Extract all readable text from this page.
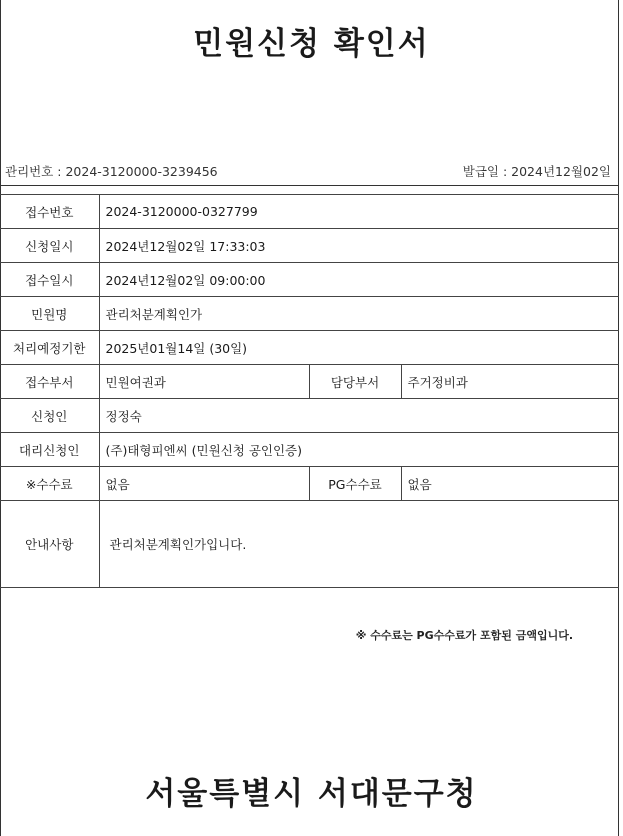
민원신청 확인서
관리번호 : 2024-3120000-3239456	발급일 : 2024년12월02일
접수번호	2024-3120000-0327799		
신청일시	2024년12월02일 17:33:03		
접수일시	2024년12월02일 09:00:00		
민원명	관리처분계획인가		
처리예정기한	2025년01월14일 (30일)		
접수부서	민원여권과	담당부서	주거정비과
신청인	정정숙		
대리신청인	(주)태형피엔씨 (민원신청 공인인증)		
※수수료	없음	PG수수료	없음
안내사항	관리처분계획인가입니다.		
※ 수수료는 PG수수료가 포함된 금액입니다.
서울특별시 서대문구청
